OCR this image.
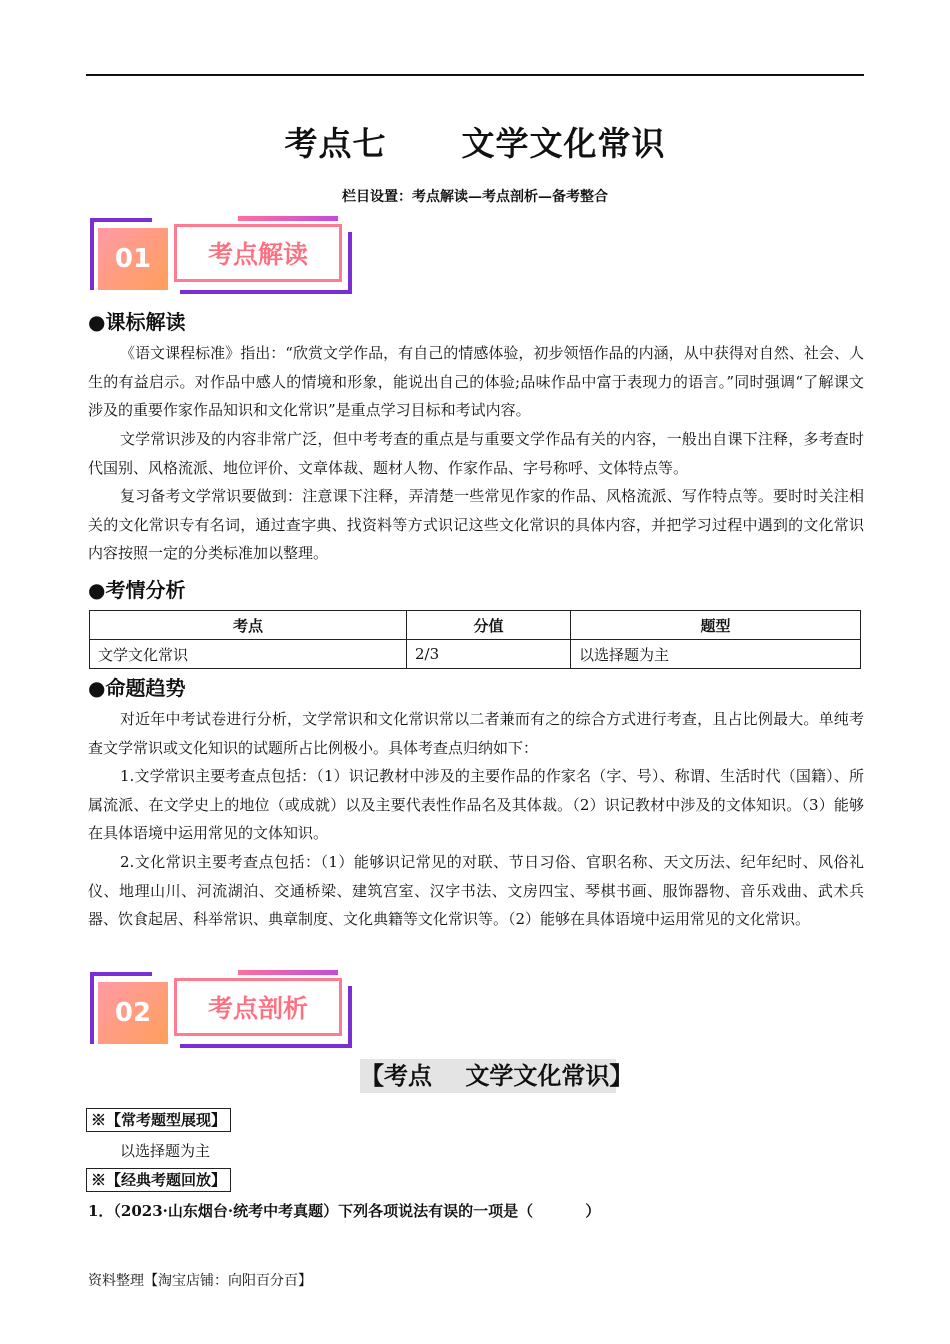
考点七      文学文化常识
栏目设置：考点解读—考点剖析—备考整合
01	考点解读
●课标解读
《语文课程标准》指出：“欣赏文学作品，有自己的情感体验，初步领悟作品的内涵，从中获得对自然、社会、人生的有益启示。对作品中感人的情境和形象，能说出自己的体验;品味作品中富于表现力的语言。”同时强调“了解课文涉及的重要作家作品知识和文化常识”是重点学习目标和考试内容。
文学常识涉及的内容非常广泛，但中考考查的重点是与重要文学作品有关的内容，一般出自课下注释，多考查时代国别、风格流派、地位评价、文章体裁、题材人物、作家作品、字号称呼、文体特点等。
复习备考文学常识要做到：注意课下注释，弄清楚一些常见作家的作品、风格流派、写作特点等。要时时关注相关的文化常识专有名词，通过查字典、找资料等方式识记这些文化常识的具体内容，并把学习过程中遇到的文化常识内容按照一定的分类标准加以整理。
●考情分析
考点	分值	题型
文学文化常识	2/3	以选择题为主
●命题趋势
对近年中考试卷进行分析，文学常识和文化常识常以二者兼而有之的综合方式进行考查，且占比例最大。单纯考查文学常识或文化知识的试题所占比例极小。具体考查点归纳如下：
1.文学常识主要考查点包括：（1）识记教材中涉及的主要作品的作家名（字、号）、称谓、生活时代（国籍）、所属流派、在文学史上的地位（或成就）以及主要代表性作品名及其体裁。（2）识记教材中涉及的文体知识。（3）能够在具体语境中运用常见的文体知识。
2.文化常识主要考查点包括：（1）能够识记常见的对联、节日习俗、官职名称、天文历法、纪年纪时、风俗礼仪、地理山川、河流湖泊、交通桥梁、建筑宫室、汉字书法、文房四宝、琴棋书画、服饰器物、音乐戏曲、武术兵器、饮食起居、科举常识、典章制度、文化典籍等文化常识等。（2）能够在具体语境中运用常见的文化常识。
02	考点剖析
【考点    文学文化常识】
※【常考题型展现】
以选择题为主
※【经典考题回放】
1．（2023·山东烟台·统考中考真题）下列各项说法有误的一项是（          ）
资料整理【淘宝店铺：向阳百分百】
